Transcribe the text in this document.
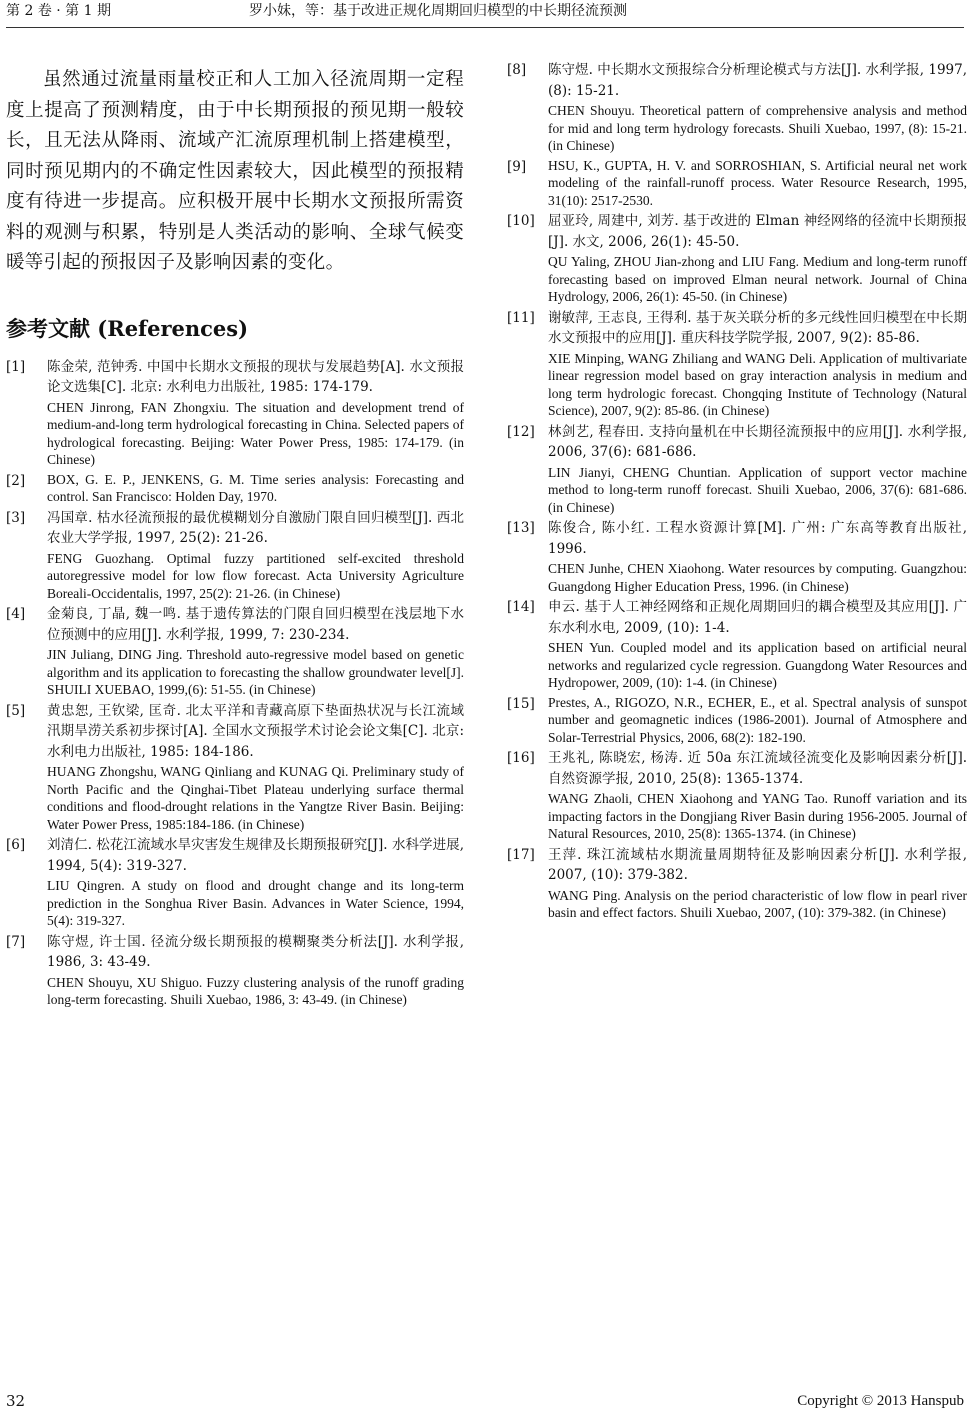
第 2 卷 · 第 1 期	罗小妹，等：基于改进正规化周期回归模型的中长期径流预测

虽然通过流量雨量校正和人工加入径流周期一定程度上提高了预测精度，由于中长期预报的预见期一般较长，且无法从降雨、流域产汇流原理机制上搭建模型，同时预见期内的不确定性因素较大，因此模型的预报精度有待进一步提高。应积极开展中长期水文预报所需资料的观测与积累，特别是人类活动的影响、全球气候变暖等引起的预报因子及影响因素的变化。

参考文献 (References)
[1] 陈金荣, 范钟秀. 中国中长期水文预报的现状与发展趋势[A]. 水文预报论文选集[C]. 北京: 水利电力出版社, 1985: 174-179.

CHEN Jinrong, FAN Zhongxiu. The situation and development trend of medium-and-long term hydrological forecasting in China. Selected papers of hydrological forecasting. Beijing: Water Power Press, 1985: 174-179. (in Chinese)

[2] BOX, G. E. P., JENKENS, G. M. Time series analysis: Forecasting and control. San Francisco: Holden Day, 1970.

[3] 冯国章. 枯水径流预报的最优模糊划分自激励门限自回归模型[J]. 西北农业大学学报, 1997, 25(2): 21-26.

FENG Guozhang. Optimal fuzzy partitioned self-excited threshold autoregressive model for low flow forecast. Acta University Agriculture Boreali-Occidentalis, 1997, 25(2): 21-26. (in Chinese)

[4] 金菊良, 丁晶, 魏一鸣. 基于遗传算法的门限自回归模型在浅层地下水位预测中的应用[J]. 水利学报, 1999, 7: 230-234.

JIN Juliang, DING Jing. Threshold auto-regressive model based on genetic algorithm and its application to forecasting the shallow groundwater level[J]. SHUILI XUEBAO, 1999,(6): 51-55. (in Chinese)

[5] 黄忠恕, 王钦梁, 匡奇. 北太平洋和青藏高原下垫面热状况与长江流域汛期旱涝关系初步探讨[A]. 全国水文预报学术讨论会论文集[C]. 北京: 水利电力出版社, 1985: 184-186.

HUANG Zhongshu, WANG Qinliang and KUNAG Qi. Preliminary study of North Pacific and the Qinghai-Tibet Plateau underlying surface thermal conditions and flood-drought relations in the Yangtze River Basin. Beijing: Water Power Press, 1985:184-186. (in Chinese)

[6] 刘清仁. 松花江流域水旱灾害发生规律及长期预报研究[J]. 水科学进展, 1994, 5(4): 319-327.

LIU Qingren. A study on flood and drought change and its long-term prediction in the Songhua River Basin. Advances in Water Science, 1994, 5(4): 319-327.

[7] 陈守煜, 许士国. 径流分级长期预报的模糊聚类分析法[J]. 水利学报, 1986, 3: 43-49.

CHEN Shouyu, XU Shiguo. Fuzzy clustering analysis of the runoff grading long-term forecasting. Shuili Xuebao, 1986, 3: 43-49. (in Chinese)

[8] 陈守煜. 中长期水文预报综合分析理论模式与方法[J]. 水利学报, 1997, (8): 15-21.

CHEN Shouyu. Theoretical pattern of comprehensive analysis and method for mid and long term hydrology forecasts. Shuili Xuebao, 1997, (8): 15-21. (in Chinese)

[9] HSU, K., GUPTA, H. V. and SORROSHIAN, S. Artificial neural net work modeling of the rainfall-runoff process. Water Resource Research, 1995, 31(10): 2517-2530.

[10] 屈亚玲, 周建中, 刘芳. 基于改进的 Elman 神经网络的径流中长期预报[J]. 水文, 2006, 26(1): 45-50.

QU Yaling, ZHOU Jian-zhong and LIU Fang. Medium and long-term runoff forecasting based on improved Elman neural network. Journal of China Hydrology, 2006, 26(1): 45-50. (in Chinese)

[11] 谢敏萍, 王志良, 王得利. 基于灰关联分析的多元线性回归模型在中长期水文预报中的应用[J]. 重庆科技学院学报, 2007, 9(2): 85-86.

XIE Minping, WANG Zhiliang and WANG Deli. Application of multivariate linear regression model based on gray interaction analysis in medium and long term hydrologic forecast. Chongqing Institute of Technology (Natural Science), 2007, 9(2): 85-86. (in Chinese)

[12] 林剑艺, 程春田. 支持向量机在中长期径流预报中的应用[J]. 水利学报, 2006, 37(6): 681-686.

LIN Jianyi, CHENG Chuntian. Application of support vector machine method to long-term runoff forecast. Shuili Xuebao, 2006, 37(6): 681-686. (in Chinese)

[13] 陈俊合, 陈小红. 工程水资源计算[M]. 广州: 广东高等教育出版社, 1996.

CHEN Junhe, CHEN Xiaohong. Water resources by computing. Guangzhou: Guangdong Higher Education Press, 1996. (in Chinese)

[14] 申云. 基于人工神经网络和正规化周期回归的耦合模型及其应用[J]. 广东水利水电, 2009, (10): 1-4.

SHEN Yun. Coupled model and its application based on artificial neural networks and regularized cycle regression. Guangdong Water Resources and Hydropower, 2009, (10): 1-4. (in Chinese)

[15] Prestes, A., RIGOZO, N.R., ECHER, E., et al. Spectral analysis of sunspot number and geomagnetic indices (1986-2001). Journal of Atmosphere and Solar-Terrestrial Physics, 2006, 68(2): 182-190.

[16] 王兆礼, 陈晓宏, 杨涛. 近 50a 东江流域径流变化及影响因素分析[J]. 自然资源学报, 2010, 25(8): 1365-1374.

WANG Zhaoli, CHEN Xiaohong and YANG Tao. Runoff variation and its impacting factors in the Dongjiang River Basin during 1956-2005. Journal of Natural Resources, 2010, 25(8): 1365-1374. (in Chinese)

[17] 王萍. 珠江流域枯水期流量周期特征及影响因素分析[J]. 水利学报, 2007, (10): 379-382.

WANG Ping. Analysis on the period characteristic of low flow in pearl river basin and effect factors. Shuili Xuebao, 2007, (10): 379-382. (in Chinese)

32	Copyright © 2013 Hanspub
